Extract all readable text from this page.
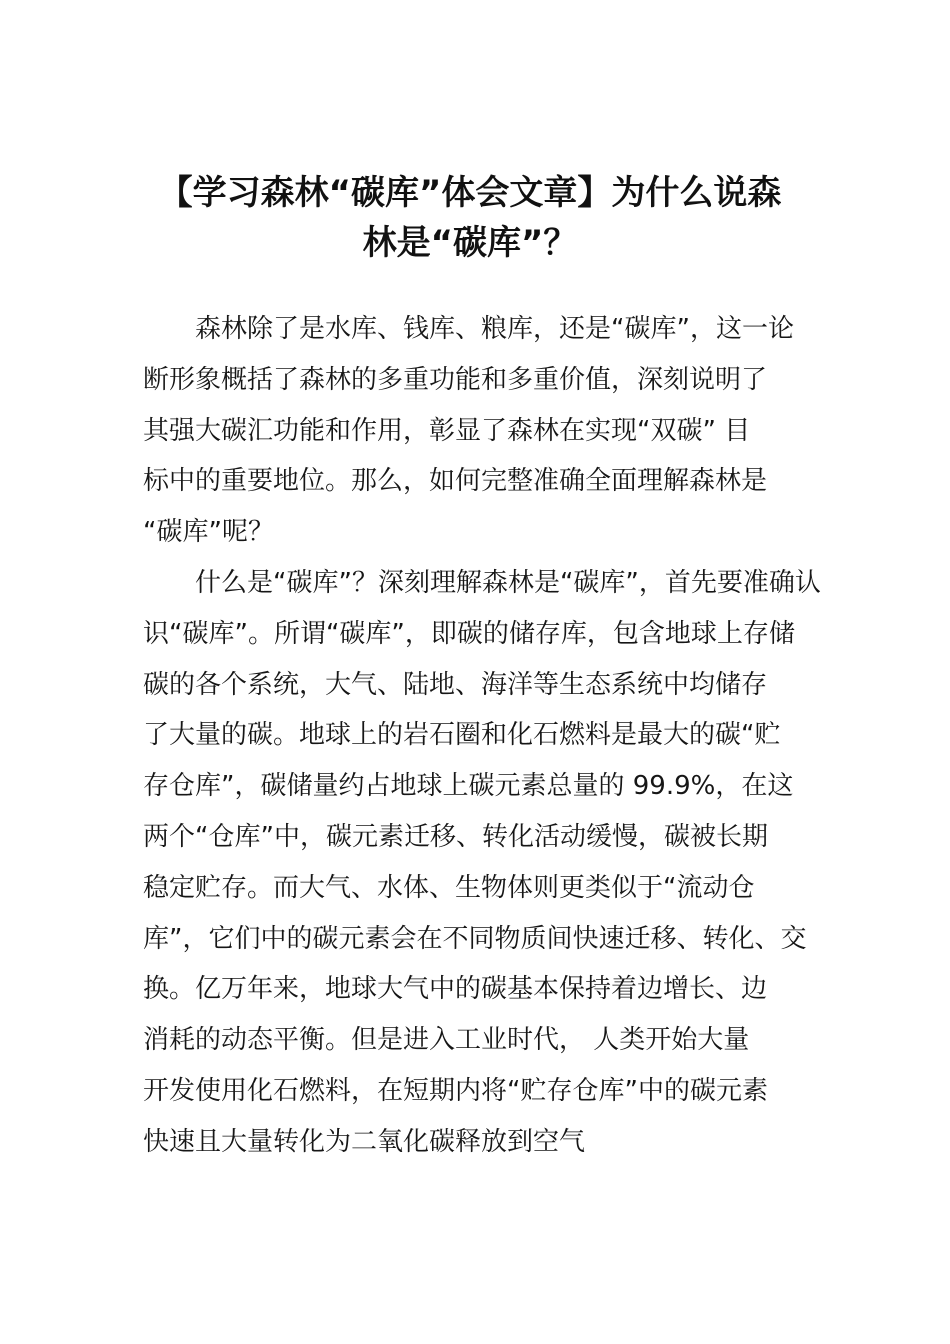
【学习森林“碳库”体会文章】为什么说森
林是“碳库”？

森林除了是水库、钱库、粮库，还是“碳库”，这一论
断形象概括了森林的多重功能和多重价值，深刻说明了
其强大碳汇功能和作用，彰显了森林在实现“双碳” 目
标中的重要地位。那么，如何完整准确全面理解森林是
“碳库”呢？

什么是“碳库”？深刻理解森林是“碳库”，首先要准确认
识“碳库”。所谓“碳库”，即碳的储存库，包含地球上存储
碳的各个系统，大气、陆地、海洋等生态系统中均储存
了大量的碳。地球上的岩石圈和化石燃料是最大的碳“贮
存仓库”，碳储量约占地球上碳元素总量的 99.9%，在这
两个“仓库”中，碳元素迁移、转化活动缓慢，碳被长期
稳定贮存。而大气、水体、生物体则更类似于“流动仓
库”，它们中的碳元素会在不同物质间快速迁移、转化、交
换。亿万年来，地球大气中的碳基本保持着边增长、边
消耗的动态平衡。但是进入工业时代， 人类开始大量
开发使用化石燃料，在短期内将“贮存仓库”中的碳元素
快速且大量转化为二氧化碳释放到空气
